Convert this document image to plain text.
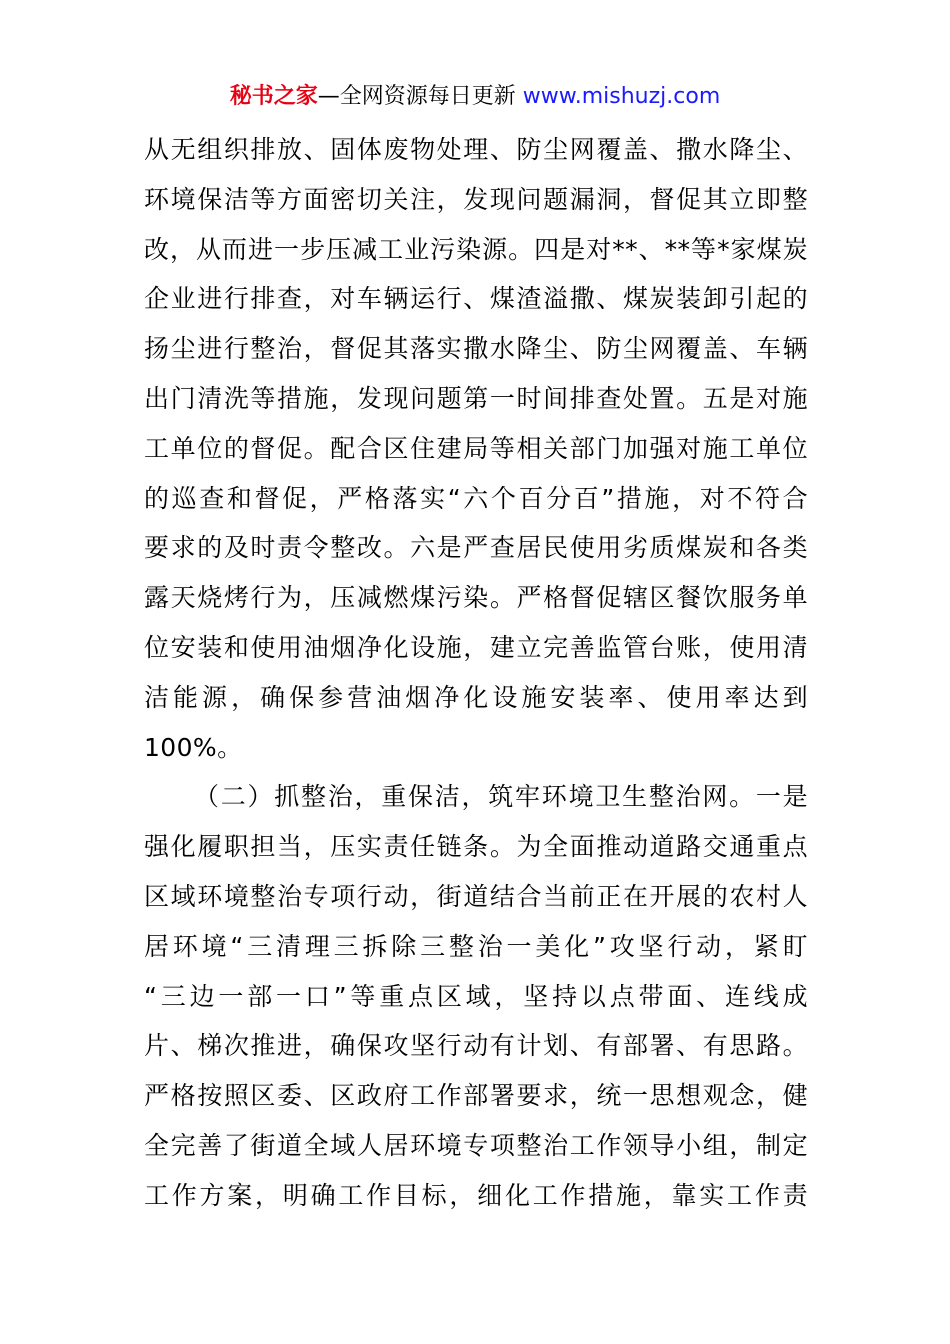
秘书之家—全网资源每日更新 www.mishuzj.com
从无组织排放、固体废物处理、防尘网覆盖、撒水降尘、
环境保洁等方面密切关注，发现问题漏洞，督促其立即整
改，从而进一步压减工业污染源。四是对**、**等*家煤炭
企业进行排查，对车辆运行、煤渣溢撒、煤炭装卸引起的
扬尘进行整治，督促其落实撒水降尘、防尘网覆盖、车辆
出门清洗等措施，发现问题第一时间排查处置。五是对施
工单位的督促。配合区住建局等相关部门加强对施工单位
的巡查和督促，严格落实“六个百分百”措施，对不符合
要求的及时责令整改。六是严查居民使用劣质煤炭和各类
露天烧烤行为，压减燃煤污染。严格督促辖区餐饮服务单
位安装和使用油烟净化设施，建立完善监管台账，使用清
洁能源，确保参营油烟净化设施安装率、使用率达到
100%。
（二）抓整治，重保洁，筑牢环境卫生整治网。一是
强化履职担当，压实责任链条。为全面推动道路交通重点
区域环境整治专项行动，街道结合当前正在开展的农村人
居环境“三清理三拆除三整治一美化”攻坚行动，紧盯
“三边一部一口”等重点区域，坚持以点带面、连线成
片、梯次推进，确保攻坚行动有计划、有部署、有思路。
严格按照区委、区政府工作部署要求，统一思想观念，健
全完善了街道全域人居环境专项整治工作领导小组，制定
工作方案，明确工作目标，细化工作措施，靠实工作责
